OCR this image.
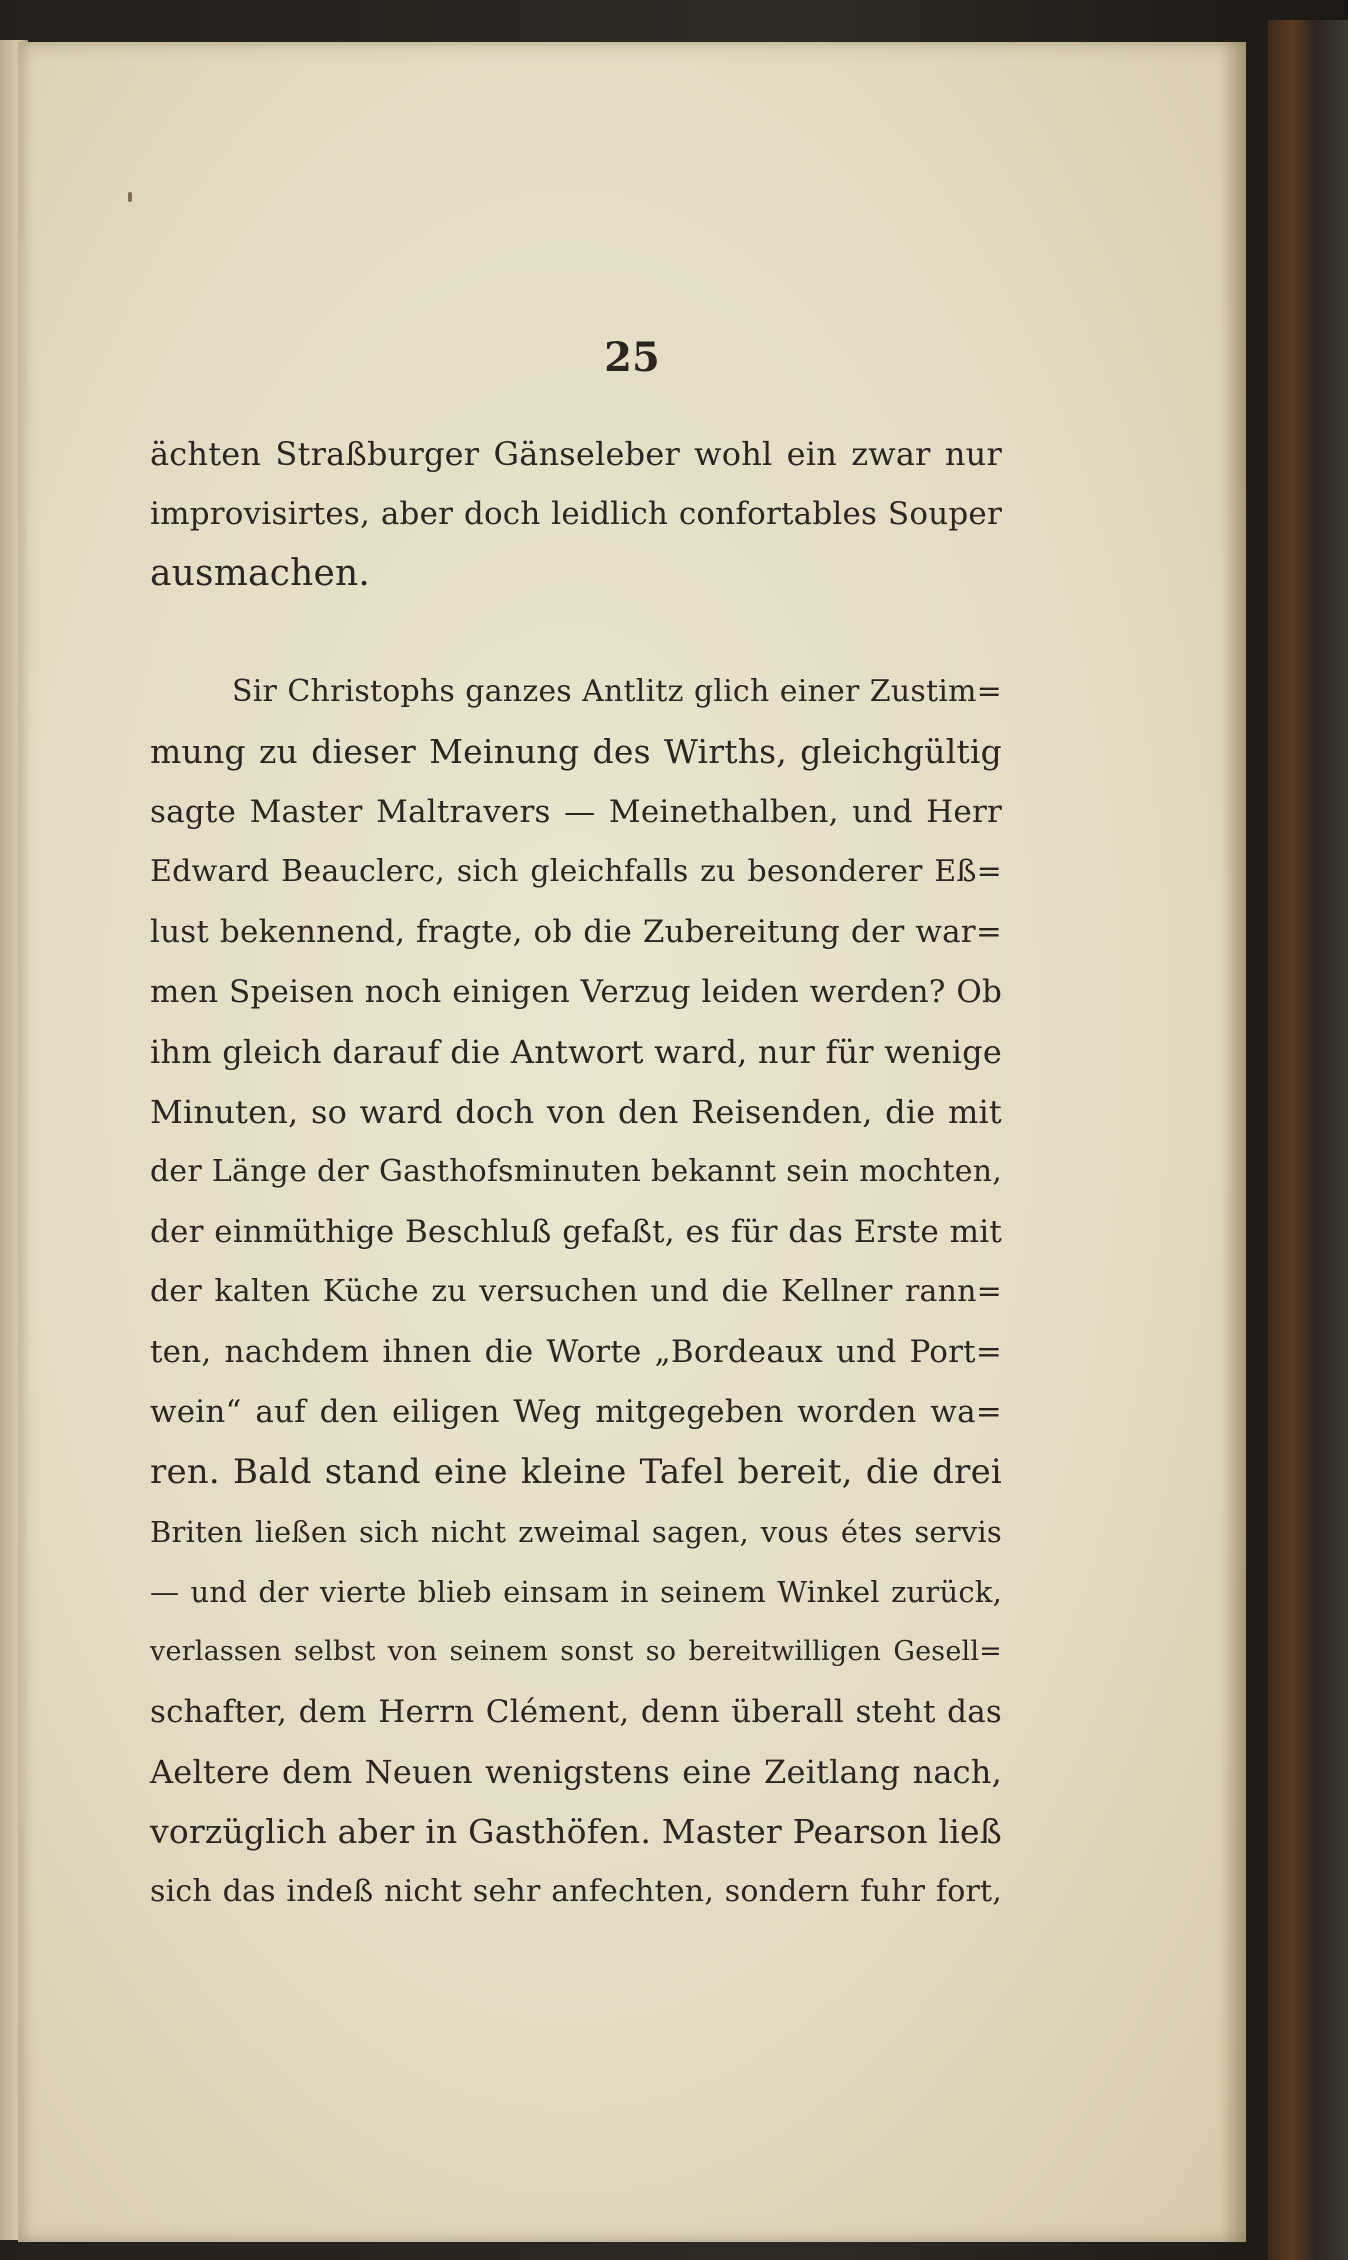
25
ächten Straßburger Gänseleber wohl ein zwar nur
improvisirtes, aber doch leidlich confortables Souper
ausmachen.
Sir Christophs ganzes Antlitz glich einer Zustim=
mung zu dieser Meinung des Wirths, gleichgültig
sagte Master Maltravers — Meinethalben, und Herr
Edward Beauclerc, sich gleichfalls zu besonderer Eß=
lust bekennend, fragte, ob die Zubereitung der war=
men Speisen noch einigen Verzug leiden werden? Ob
ihm gleich darauf die Antwort ward, nur für wenige
Minuten, so ward doch von den Reisenden, die mit
der Länge der Gasthofsminuten bekannt sein mochten,
der einmüthige Beschluß gefaßt, es für das Erste mit
der kalten Küche zu versuchen und die Kellner rann=
ten, nachdem ihnen die Worte „Bordeaux und Port=
wein“ auf den eiligen Weg mitgegeben worden wa=
ren. Bald stand eine kleine Tafel bereit, die drei
Briten ließen sich nicht zweimal sagen, vous étes servis
— und der vierte blieb einsam in seinem Winkel zurück,
verlassen selbst von seinem sonst so bereitwilligen Gesell=
schafter, dem Herrn Clément, denn überall steht das
Aeltere dem Neuen wenigstens eine Zeitlang nach,
vorzüglich aber in Gasthöfen. Master Pearson ließ
sich das indeß nicht sehr anfechten, sondern fuhr fort,
